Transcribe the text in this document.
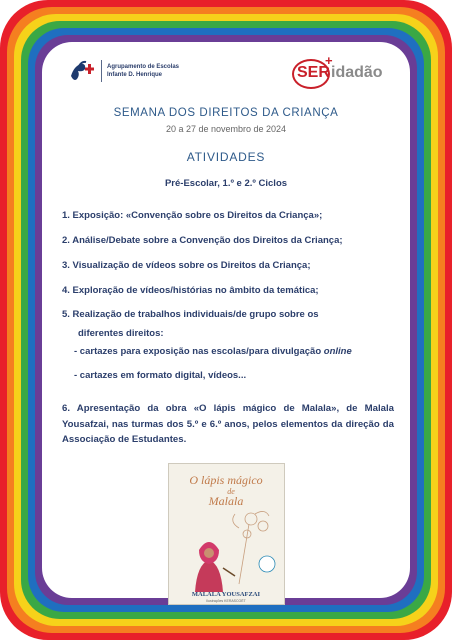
Agrupamento de Escolas
Infante D. Henrique	SER
+
idadão
SEMANA DOS DIREITOS DA CRIANÇA
20 a 27 de novembro de 2024
ATIVIDADES
Pré-Escolar, 1.º e 2.º Ciclos
1. Exposição: «Convenção sobre os Direitos da Criança»;
2. Análise/Debate sobre a Convenção dos Direitos da Criança;
3. Visualização de vídeos sobre os Direitos da Criança;
4. Exploração de vídeos/histórias no âmbito da temática;
5. Realização de trabalhos individuais/de grupo sobre os
diferentes direitos:
- cartazes para exposição nas escolas/para divulgação online
- cartazes em formato digital, vídeos...
6. Apresentação da obra «O lápis mágico de Malala», de Malala Yousafzai, nas turmas dos 5.º e 6.º anos, pelos elementos da direção da Associação de Estudantes.
O lápis mágico
de
Malala
MALALA YOUSAFZAI
Ilustrações KERASCOËT
